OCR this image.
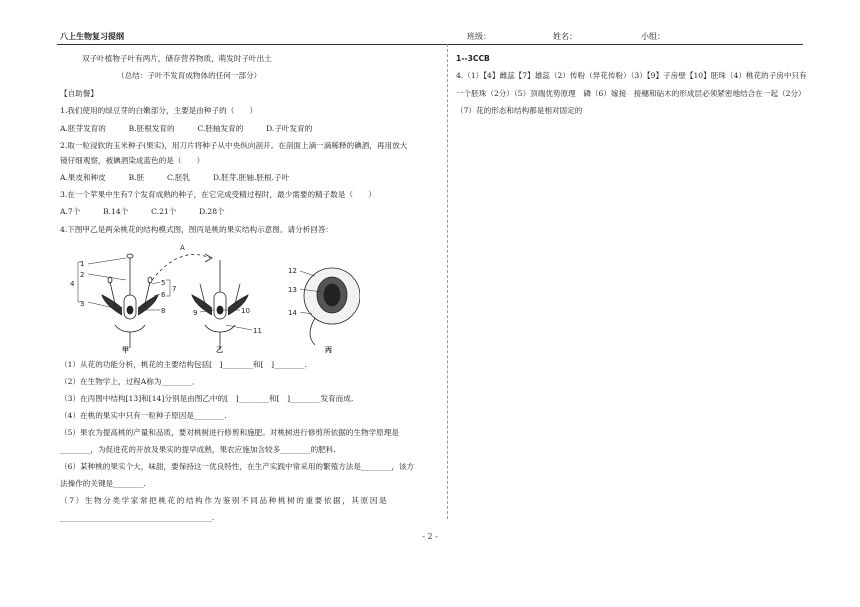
八上生物复习提纲	班级：	姓名：	小组：
双子叶植物子叶有两片，储存营养物质，萌发时子叶出土
（总结：子叶不发育成物体的任何一部分）
【自助餐】
1.我们使用的绿豆芽的白嫩部分，主要是由种子的（　　）
A.胚芽发育的　　　B.胚根发育的　　　C.胚轴发育的　　　D.子叶发育的
2.取一粒浸软的玉米种子(果实)，用刀片将种子从中央纵向剖开。在剖面上滴一滴稀释的碘酒，再用放大
镜仔细观察，被碘酒染成蓝色的是（　　）
A.果皮和种皮　　　B.胚　　　C.胚乳　　　D.胚芽.胚轴.胚根.子叶
3.在一个苹果中生有7个发育成熟的种子，在它完成受精过程时，最少需要的精子数是（　　）
A.7个　　　B.14个　　　C.21个　　　D.28个
4.下图甲乙是两朵桃花的结构模式图，图丙是桃的果实结构示意图。请分析回答：
1
2
3
4	5
6
7
8	9	10
11
12
13
14
A
甲	乙	丙
（1）从花的功能分析，桃花的主要结构包括[　]________和[　]________.
（2）在生物学上，过程A称为________．
（3）在丙图中结构[13]和[14]分别是由图乙中的[　]________和[　]________发育而成.
（4）在桃的果实中只有一粒种子原因是________.
（5）果农为提高桃的产量和品质，要对桃树进行修剪和施肥。对桃树进行修剪所依据的生物学原理是
________，为促进花的开放及果实的提早成熟，果农应施加含较多________的肥料.
（6）某种桃的果实个大，味甜，要保持这一优良特性，在生产实践中常采用的繁殖方法是________，该方
法操作的关键是________.
（7）生物分类学家常把桃花的结构作为鉴别不同品种桃树的重要依据，其原因是
________________________________________.
1--3CCB
4.（1）【4】雌蕊【7】雄蕊（2）传粉（异花传粉）（3）【9】子房壁【10】胚珠（4）桃花的子房中只有
一个胚珠（2分）（5）顶端优势原理　磷（6）嫁接　接穗和砧木的形成层必须紧密地结合在一起（2分）
（7）花的形态和结构都是相对固定的
- 2 -
